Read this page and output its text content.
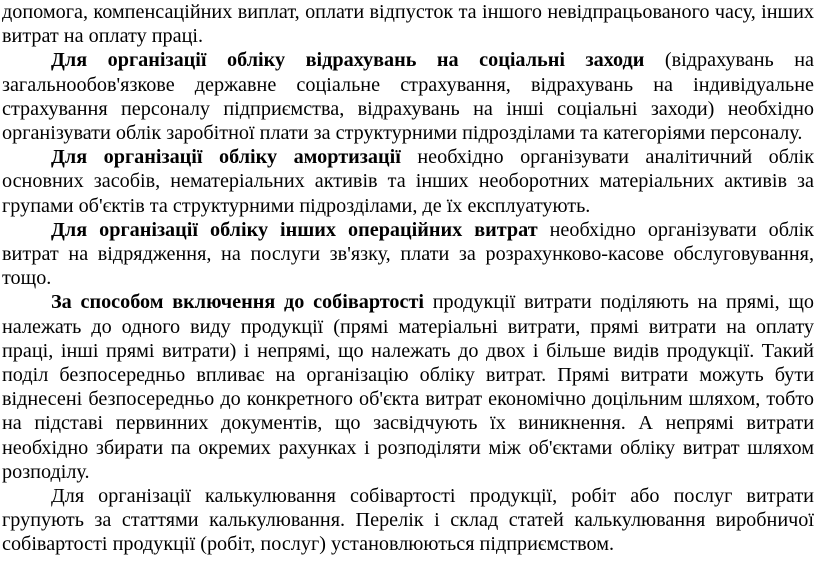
допомога, компенсаційних виплат, оплати відпусток та іншого невідпрацьованого часу, інших витрат на оплату праці.

Для організації обліку відрахувань на соціальні заходи (відрахувань на загальнообов'язкове державне соціальне страхування, відрахувань на індивідуальне страхування персоналу підприємства, відрахувань на інші соціальні заходи) необхідно організувати облік заробітної плати за структурними підрозділами та категоріями персоналу.

Для організації обліку амортизації необхідно організувати аналітичний облік основних засобів, нематеріальних активів та інших необоротних матеріальних активів за групами об'єктів та структурними підрозділами, де їх експлуатують.

Для організації обліку інших операційних витрат необхідно організувати облік витрат на відрядження, на послуги зв'язку, плати за розрахунково-касове обслуговування, тощо.

За способом включення до собівартості продукції витрати поділяють на прямі, що належать до одного виду продукції (прямі матеріальні витрати, прямі витрати на оплату праці, інші прямі витрати) і непрямі, що належать до двох і більше видів продукції. Такий поділ безпосередньо впливає на організацію обліку витрат. Прямі витрати можуть бути віднесені безпосередньо до конкретного об'єкта витрат економічно доцільним шляхом, тобто на підставі первинних документів, що засвідчують їх виникнення. А непрямі витрати необхідно збирати па окремих рахунках і розподіляти між об'єктами обліку витрат шляхом розподілу.

Для організації калькулювання собівартості продукції, робіт або послуг витрати групують за статтями калькулювання. Перелік і склад статей калькулювання виробничої собівартості продукції (робіт, послуг) установлюються підприємством.
